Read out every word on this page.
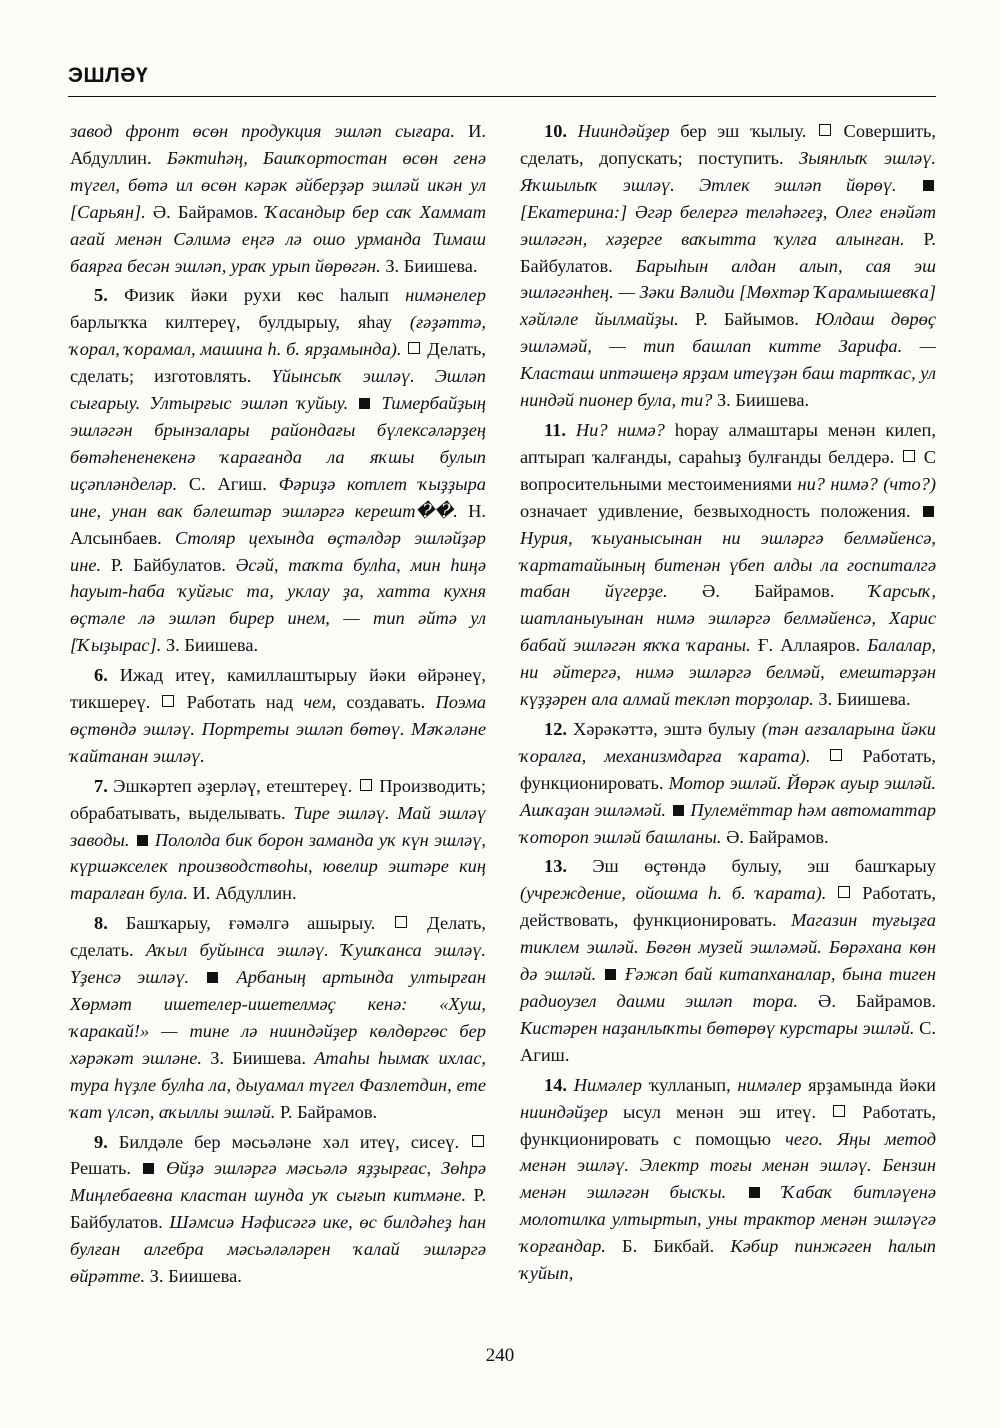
ЭШЛӘҮ

завод фронт өсөн продукция эшләп сығара. И. Абдуллин. Бәктиһәң, Башҡортостан өсөн генә түгел, бөтә ил өсөн кәрәк әйберҙәр эшләй икән ул [Сарьян]. Ә. Байрамов. Ҡасандыр бер саҡ Хаммат ағай менән Сәлимә еңгә лә ошо урманда Тимаш баярға бесән эшләп, ураҡ урып йөрөгән. З. Биишева.

5. Физик йәки рухи көс һалып нимәнелер барлыҡҡа килтереү, булдырыу, яһау (ғәҙәттә, ҡорал, ҡорамал, машина һ. б. ярҙамында).  Делать, сделать; изготовлять. Үйынсыҡ эшләү. Эшләп сығарыу. Ултырғыс эшләп ҡуйыу. Тимербайҙың эшләгән брынзалары райондағы бүлексәләрҙең бөтәһененекенә ҡарағанда ла яҡшы булып иҫәпләнделәр. С. Агиш. Фәриҙә котлет ҡыҙҙыра ине, унан вак бәлештәр эшләргә керешт��. Н. Алсынбаев. Столяр цехында өҫтәлдәр эшләйҙәр ине. Р. Байбулатов. Әсәй, таҡта булһа, мин һиңә һауыт-һаба ҡуйғыс та, уклау ҙа, хатта кухня өҫтәле лә эшләп бирер инем, — тип әйтә ул [Ҡыҙырас]. З. Биишева.

6. Ижад итеү, камиллаштырыу йәки өйрәнеү, тикшереү.  Работать над чем, создавать. Поэма өҫтөндә эшләү. Портреты эшләп бөтөү. Мәҡәләне ҡайтанан эшләү.

7. Эшкәртеп әҙерләү, етештереү.  Производить; обрабатывать, выделывать. Тире эшләү. Май эшләү заводы. Пололда бик борон заманда уҡ күн эшләү, күршәкселек производствоһы, ювелир эштәре киң таралған була. И. Абдуллин.

8. Башҡарыу, ғәмәлгә ашырыу.  Делать, сделать. Аҡыл буйынса эшләү. Ҡушҡанса эшләү. Үҙенсә эшләү.	Арбаның артында ултырған Хөрмәт ишетелер-ишетелмәҫ кенә: «Хуш, ҡаракай!» — тине лә нииндәйҙер көлдөргөс бер хәрәкәт эшләне. З. Биишева. Атаһы һымаҡ ихлас, тура һүҙле булһа ла, дыуамал түгел Фазлетдин, ете ҡат үлсәп, аҡыллы эшләй. Р. Байрамов.

9. Билдәле бер мәсьәләне хәл итеү, сисеү.  Решать.  Өйҙә эшләргә мәсьәлә яҙҙырғас, Зөһрә Миңлебаевна кластан шунда уҡ сығып китмәне. Р. Байбулатов. Шәмсиә Нәфисәгә ике, өс билдәһеҙ һан булған алгебра мәсьәләләрен ҡалай эшләргә өйрәтте. З. Биишева.

10. Нииндәйҙер бер эш ҡылыу.  Совершить, сделать, допускать; поступить. Зыянлыҡ эшләү. Яҡшылыҡ эшләү. Этлек эшләп йөрөү.  [Екатерина:] Әгәр белергә теләһәгеҙ, Олег енәйәт эшләгән, хәҙерге ваҡытта ҡулға алынған. Р. Байбулатов. Барыһын алдан алып, сая эш эшләгәнһең. — Зәки Вәлиди [Мөхтәр Ҡарамышевҡа] хәйләле йылмайҙы. Р. Байымов. Юлдаш дөрөҫ эшләмәй, — тип башлап китте Зарифа. — Класташ иптәшеңә ярҙам итеүҙән баш тартҡас, ул ниндәй пионер була, ти? З. Биишева.

11. Ни? нимә? һорау алмаштары менән килеп, аптырап ҡалғанды, сараһыҙ булғанды белдерә.  С вопросительными местоимениями ни? нимә? (что?) означает удивление, безвыходность положения.  Нурия, ҡыуанысынан ни эшләргә белмәйенсә, ҡартатайының битенән үбеп алды ла госпиталгә табан йүгерҙе. Ә. Байрамов. Ҡарсыҡ, шатланыуынан нимә эшләргә белмәйенсә, Харис бабай эшләгән яҡҡа ҡараны. Ғ. Аллаяров. Балалар, ни әйтергә, нимә эшләргә белмәй, емештәрҙән күҙҙәрен ала алмай теклəп торҙолар. З. Биишева.

12. Хәрәкәттә, эштә булыу (тән ағзаларына йәки ҡоралға, механизмдарға ҡарата).  Работать, функционировать. Мотор эшләй. Йөрәк ауыр эшләй. Ашҡаҙан эшләмәй. Пулемёттар һәм автоматтар ҡотороп эшләй башланы. Ә. Байрамов.

13. Эш өҫтөндә булыу, эш башҡарыу (учреждение, ойошма һ. б. ҡарата).  Работать, действовать, функционировать. Магазин туғыҙға тиклем эшләй. Бөгөн музей эшләмәй. Бөрәхана көн дә эшләй. Ғәжәп бай китапханалар, бына тиген радиоузел даими эшләп тора. Ә. Байрамов. Кистәрен наҙанлыҡты бөтөрөү курстары эшләй. С. Агиш.

14. Нимәлер ҡулланып, нимәлер ярҙамында йәки нииндәйҙер ысул менән эш итеү.  Работать, функционировать с помощью чего. Яңы метод менән эшләү. Электр тоғы менән эшләү. Бензин менән эшләгән бысҡы.	Ҡабаҡ битләүенә молотилка ултыртып, уны трактор менән эшләүгә ҡорғандар. Б. Бикбай. Кәбир пинжәген һалып ҡуйып,

240
